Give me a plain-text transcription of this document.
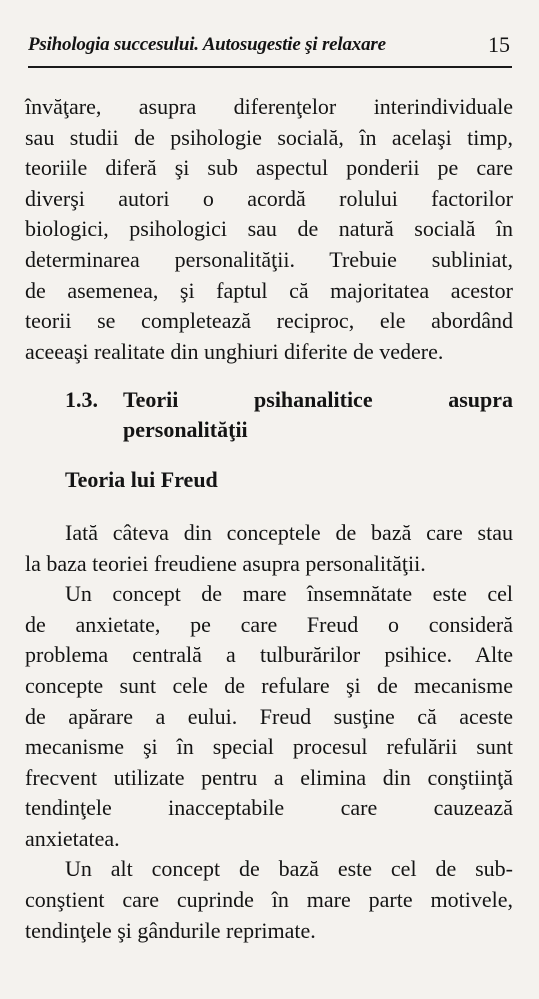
Psihologia succesului. Autosugestie şi relaxare	15

învăţare, asupra diferenţelor interindividuale
sau studii de psihologie socială, în acelaşi timp,
teoriile diferă şi sub aspectul ponderii pe care
diverşi autori o acordă rolului factorilor
biologici, psihologici sau de natură socială în
determinarea personalităţii. Trebuie subliniat,
de asemenea, şi faptul că majoritatea acestor
teorii se completează reciproc, ele abordând
aceeaşi realitate din unghiuri diferite de vedere.

1.3. Teorii psihanalitice asupra
personalităţii
Teoria lui Freud

Iată câteva din conceptele de bază care stau
la baza teoriei freudiene asupra personalităţii.

Un concept de mare însemnătate este cel
de anxietate, pe care Freud o consideră
problema centrală a tulburărilor psihice. Alte
concepte sunt cele de refulare şi de mecanisme
de apărare a eului. Freud susţine că aceste
mecanisme şi în special procesul refulării sunt
frecvent utilizate pentru a elimina din conştiinţă
tendinţele inacceptabile care cauzează
anxietatea.

Un alt concept de bază este cel de sub-
conştient care cuprinde în mare parte motivele,
tendinţele şi gândurile reprimate.
